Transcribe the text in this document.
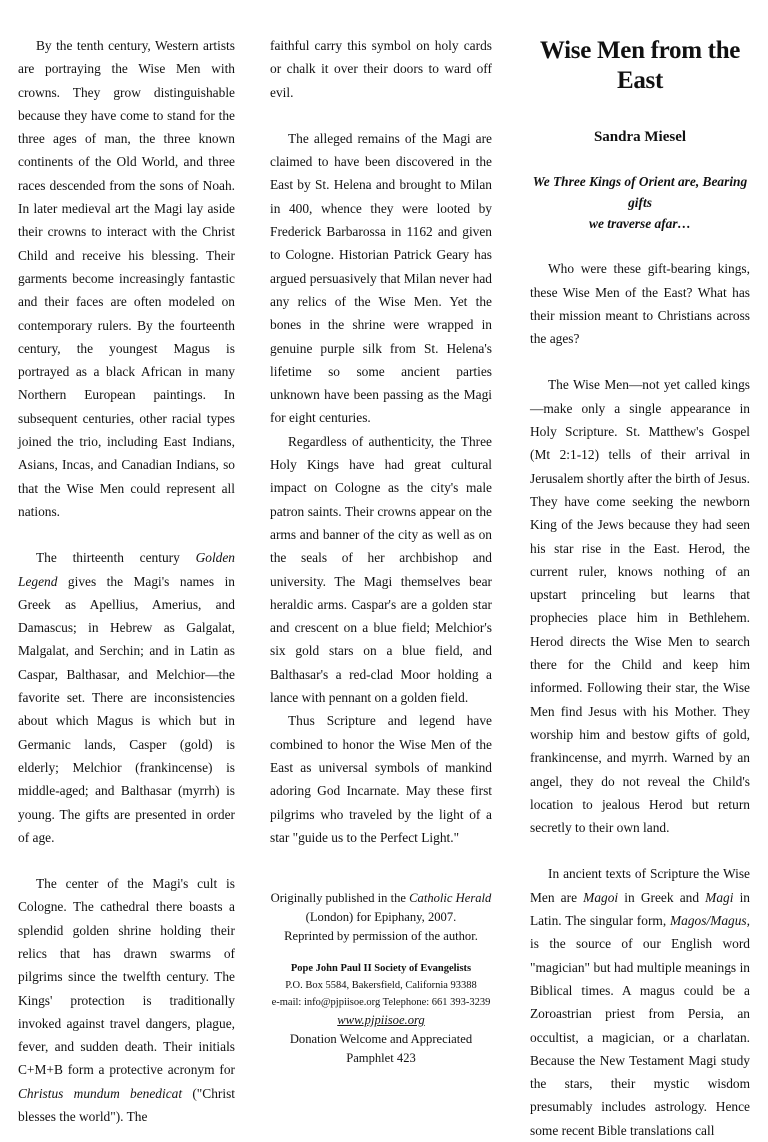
By the tenth century, Western artists are portraying the Wise Men with crowns. They grow distinguishable because they have come to stand for the three ages of man, the three known continents of the Old World, and three races descended from the sons of Noah. In later medieval art the Magi lay aside their crowns to interact with the Christ Child and receive his blessing. Their garments become increasingly fantastic and their faces are often modeled on contemporary rulers. By the fourteenth century, the youngest Magus is portrayed as a black African in many Northern European paintings. In subsequent centuries, other racial types joined the trio, including East Indians, Asians, Incas, and Canadian Indians, so that the Wise Men could represent all nations.

The thirteenth century Golden Legend gives the Magi's names in Greek as Apellius, Amerius, and Damascus; in Hebrew as Galgalat, Malgalat, and Serchin; and in Latin as Caspar, Balthasar, and Melchior—the favorite set. There are inconsistencies about which Magus is which but in Germanic lands, Casper (gold) is elderly; Melchior (frankincense) is middle-aged; and Balthasar (myrrh) is young. The gifts are presented in order of age.

The center of the Magi's cult is Cologne. The cathedral there boasts a splendid golden shrine holding their relics that has drawn swarms of pilgrims since the twelfth century. The Kings' protection is traditionally invoked against travel dangers, plague, fever, and sudden death. Their initials C+M+B form a protective acronym for Christus mundum benedicat ("Christ blesses the world"). The

faithful carry this symbol on holy cards or chalk it over their doors to ward off evil.

The alleged remains of the Magi are claimed to have been discovered in the East by St. Helena and brought to Milan in 400, whence they were looted by Frederick Barbarossa in 1162 and given to Cologne. Historian Patrick Geary has argued persuasively that Milan never had any relics of the Wise Men. Yet the bones in the shrine were wrapped in genuine purple silk from St. Helena's lifetime so some ancient parties unknown have been passing as the Magi for eight centuries.

Regardless of authenticity, the Three Holy Kings have had great cultural impact on Cologne as the city's male patron saints. Their crowns appear on the arms and banner of the city as well as on the seals of her archbishop and university. The Magi themselves bear heraldic arms. Caspar's are a golden star and crescent on a blue field; Melchior's six gold stars on a blue field, and Balthasar's a red-clad Moor holding a lance with pennant on a golden field.

Thus Scripture and legend have combined to honor the Wise Men of the East as universal symbols of mankind adoring God Incarnate. May these first pilgrims who traveled by the light of a star "guide us to the Perfect Light."

Originally published in the Catholic Herald
(London) for Epiphany, 2007.
Reprinted by permission of the author.
Pope John Paul II Society of Evangelists
P.O. Box 5584, Bakersfield, California 93388
e-mail: info@pjpiisoe.org Telephone: 661 393-3239
www.pjpiisoe.org
Donation Welcome and Appreciated
Pamphlet 423
Wise Men from the East
Sandra Miesel
We Three Kings of Orient are, Bearing gifts
we traverse afar…

Who were these gift-bearing kings, these Wise Men of the East? What has their mission meant to Christians across the ages?

The Wise Men—not yet called kings—make only a single appearance in Holy Scripture. St. Matthew's Gospel (Mt 2:1-12) tells of their arrival in Jerusalem shortly after the birth of Jesus. They have come seeking the newborn King of the Jews because they had seen his star rise in the East. Herod, the current ruler, knows nothing of an upstart princeling but learns that prophecies place him in Bethlehem. Herod directs the Wise Men to search there for the Child and keep him informed. Following their star, the Wise Men find Jesus with his Mother. They worship him and bestow gifts of gold, frankincense, and myrrh. Warned by an angel, they do not reveal the Child's location to jealous Herod but return secretly to their own land.

In ancient texts of Scripture the Wise Men are Magoi in Greek and Magi in Latin. The singular form, Magos/Magus, is the source of our English word "magician" but had multiple meanings in Biblical times. A magus could be a Zoroastrian priest from Persia, an occultist, a magician, or a charlatan. Because the New Testament Magi study the stars, their mystic wisdom presumably includes astrology. Hence some recent Bible translations call
